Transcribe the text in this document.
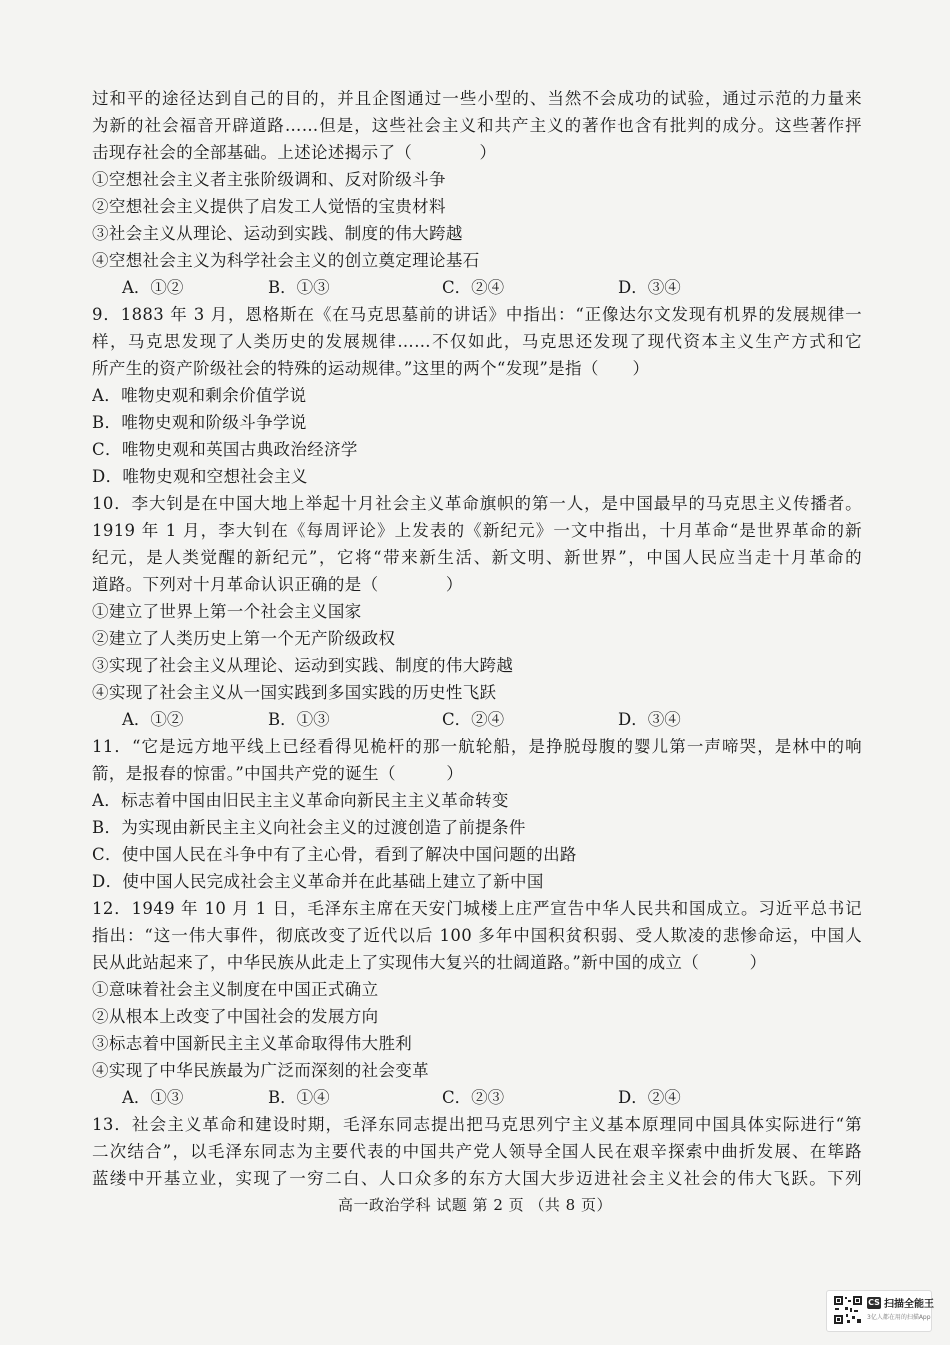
过和平的途径达到自己的目的，并且企图通过一些小型的、当然不会成功的试验，通过示范的力量来
为新的社会福音开辟道路……但是，这些社会主义和共产主义的著作也含有批判的成分。这些著作抨
击现存社会的全部基础。上述论述揭示了（　　　　）
①空想社会主义者主张阶级调和、反对阶级斗争
②空想社会主义提供了启发工人觉悟的宝贵材料
③社会主义从理论、运动到实践、制度的伟大跨越
④空想社会主义为科学社会主义的创立奠定理论基石
A．①②	B．①③	C．②④	D．③④
9．1883 年 3 月，恩格斯在《在马克思墓前的讲话》中指出：“正像达尔文发现有机界的发展规律一
样，马克思发现了人类历史的发展规律……不仅如此，马克思还发现了现代资本主义生产方式和它
所产生的资产阶级社会的特殊的运动规律。”这里的两个“发现”是指（　　）
A．唯物史观和剩余价值学说
B．唯物史观和阶级斗争学说
C．唯物史观和英国古典政治经济学
D．唯物史观和空想社会主义
10．李大钊是在中国大地上举起十月社会主义革命旗帜的第一人，是中国最早的马克思主义传播者。
1919 年 1 月，李大钊在《每周评论》上发表的《新纪元》一文中指出，十月革命“是世界革命的新
纪元，是人类觉醒的新纪元”，它将“带来新生活、新文明、新世界”，中国人民应当走十月革命的
道路。下列对十月革命认识正确的是（　　　　）
①建立了世界上第一个社会主义国家
②建立了人类历史上第一个无产阶级政权
③实现了社会主义从理论、运动到实践、制度的伟大跨越
④实现了社会主义从一国实践到多国实践的历史性飞跃
A．①②	B．①③	C．②④	D．③④
11．“它是远方地平线上已经看得见桅杆的那一航轮船，是挣脱母腹的婴儿第一声啼哭，是林中的响
箭，是报春的惊雷。”中国共产党的诞生（　　　）
A．标志着中国由旧民主主义革命向新民主主义革命转变
B．为实现由新民主主义向社会主义的过渡创造了前提条件
C．使中国人民在斗争中有了主心骨，看到了解决中国问题的出路
D．使中国人民完成社会主义革命并在此基础上建立了新中国
12．1949 年 10 月 1 日，毛泽东主席在天安门城楼上庄严宣告中华人民共和国成立。习近平总书记
指出：“这一伟大事件，彻底改变了近代以后 100 多年中国积贫积弱、受人欺凌的悲惨命运，中国人
民从此站起来了，中华民族从此走上了实现伟大复兴的壮阔道路。”新中国的成立（　　　）
①意味着社会主义制度在中国正式确立
②从根本上改变了中国社会的发展方向
③标志着中国新民主主义革命取得伟大胜利
④实现了中华民族最为广泛而深刻的社会变革
A．①③	B．①④	C．②③	D．②④
13．社会主义革命和建设时期，毛泽东同志提出把马克思列宁主义基本原理同中国具体实际进行“第
二次结合”，以毛泽东同志为主要代表的中国共产党人领导全国人民在艰辛探索中曲折发展、在筚路
蓝缕中开基立业，实现了一穷二白、人口众多的东方大国大步迈进社会主义社会的伟大飞跃。下列
高一政治学科 试题 第 2 页 （共 8 页）
CS 扫描全能王
3亿人都在用的扫描App
